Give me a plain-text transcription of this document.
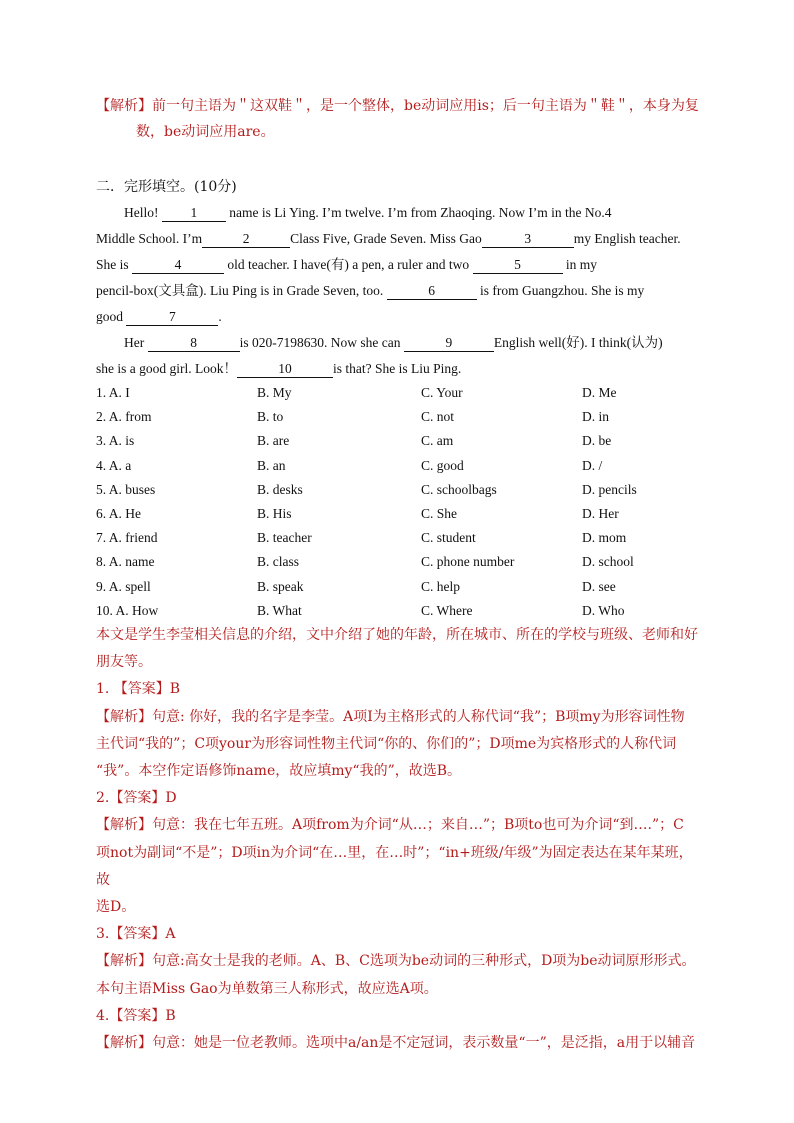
【解析】前一句主语为＂这双鞋＂，是一个整体，be动词应用is；后一句主语为＂鞋＂，本身为复
数，be动词应用are。
二．完形填空。(10分)
Hello! 1 name is Li Ying. I’m twelve. I’m from Zhaoqing. Now I’m in the No.4
Middle School. I’m	2	Class Five, Grade Seven. Miss Gao	3	my English teacher.
She is	4	old teacher. I have(有) a pen, a ruler and two	5	in my
pencil-box(文具盒). Liu Ping is in Grade Seven, too.	6	is from Guangzhou. She is my
good	7	.
Her	8	is 020-7198630. Now she can	9	English well(好). I think(认为)
she is a good girl. Look！	10	is that? She is Liu Ping.
1. A. I	B. My	C. Your	D. Me
2. A. from	B. to	C. not	D. in
3. A. is	B. are	C. am	D. be
4. A. a	B. an	C. good	D. /
5. A. buses	B. desks	C. schoolbags	D. pencils
6. A. He	B. His	C. She	D. Her
7. A. friend	B. teacher	C. student	D. mom
8. A. name	B. class	C. phone number	D. school
9. A. spell	B. speak	C. help	D. see
10. A. How	B. What	C. Where	D. Who

本文是学生李莹相关信息的介绍，文中介绍了她的年龄，所在城市、所在的学校与班级、老师和好

朋友等。

1. 【答案】B

【解析】句意: 你好，我的名字是李莹。A项I为主格形式的人称代词“我”；B项my为形容词性物

主代词“我的”；C项your为形容词性物主代词“你的、你们的”；D项me为宾格形式的人称代词

“我”。本空作定语修饰name，故应填my“我的”，故选B。

2.【答案】D

【解析】句意：我在七年五班。A项from为介词“从…；来自…”；B项to也可为介词“到….”；C

项not为副词“不是”；D项in为介词“在…里，在…时”；“in+班级/年级”为固定表达在某年某班，故

选D。

3.【答案】A

【解析】句意:高女士是我的老师。A、B、C选项为be动词的三种形式，D项为be动词原形形式。

本句主语Miss Gao为单数第三人称形式，故应选A项。

4.【答案】B

【解析】句意：她是一位老教师。选项中a/an是不定冠词，表示数量“一”，是泛指，a用于以辅音
